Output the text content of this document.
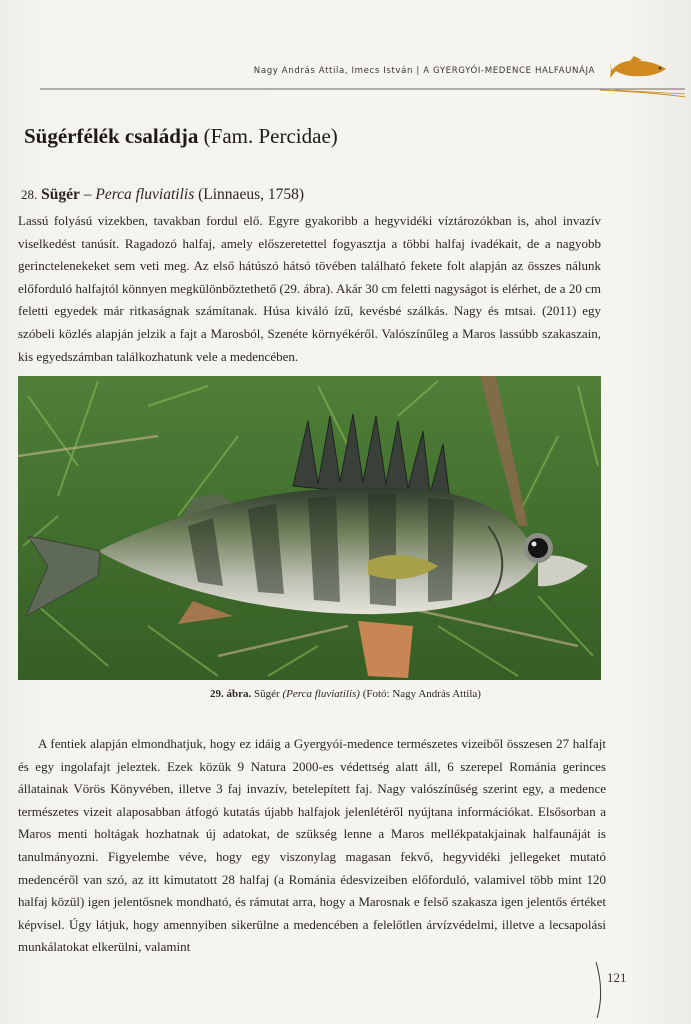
Nagy András Attila, Imecs István | A GYERGYÓI-MEDENCE HALFAUNÁJA
Sügérfélék családja (Fam. Percidae)
28. Sügér – Perca fluviatilis (Linnaeus, 1758)

Lassú folyású vizekben, tavakban fordul elő. Egyre gyakoribb a hegyvidéki víztározókban is, ahol invazív viselkedést tanúsít. Ragadozó halfaj, amely előszeretettel fogyasztja a többi halfaj ivadékait, de a nagyobb gerinctelenekeket sem veti meg. Az első hátúszó hátsó tövében található fekete folt alapján az összes nálunk előforduló halfajtól könnyen megkülönböztethető (29. ábra). Akár 30 cm feletti nagyságot is elérhet, de a 20 cm feletti egyedek már ritkaságnak számítanak. Húsa kiváló ízű, kevésbé szálkás. Nagy és mtsai. (2011) egy szóbeli közlés alapján jelzik a fajt a Marosból, Szenéte környékéről. Valószínűleg a Maros lassúbb szakaszain, kis egyedszámban találkozhatunk vele a medencében.

29. ábra. Sügér (Perca fluviatilis) (Fotó: Nagy András Attila)

A fentiek alapján elmondhatjuk, hogy ez idáig a Gyergyói-medence természetes vizeiből összesen 27 halfajt és egy ingolafajt jeleztek. Ezek közük 9 Natura 2000-es védettség alatt áll, 6 szerepel Románia gerinces állatainak Vörös Könyvében, illetve 3 faj invazív, betelepített faj. Nagy valószínűség szerint egy, a medence természetes vizeit alaposabban átfogó kutatás újabb halfajok jelenlétéről nyújtana információkat. Elsősorban a Maros menti holtágak hozhatnak új adatokat, de szükség lenne a Maros mellékpatakjainak halfaunáját is tanulmányozni. Figyelembe véve, hogy egy viszonylag magasan fekvő, hegyvidéki jellegeket mutató medencéről van szó, az itt kimutatott 28 halfaj (a Románia édesvizeiben előforduló, valamivel több mint 120 halfaj közül) igen jelentősnek mondható, és rámutat arra, hogy a Marosnak e felső szakasza igen jelentős értéket képvisel. Úgy látjuk, hogy amennyiben sikerülne a medencében a felelőtlen árvízvédelmi, illetve a lecsapolási munkálatokat elkerülni, valamint

121
